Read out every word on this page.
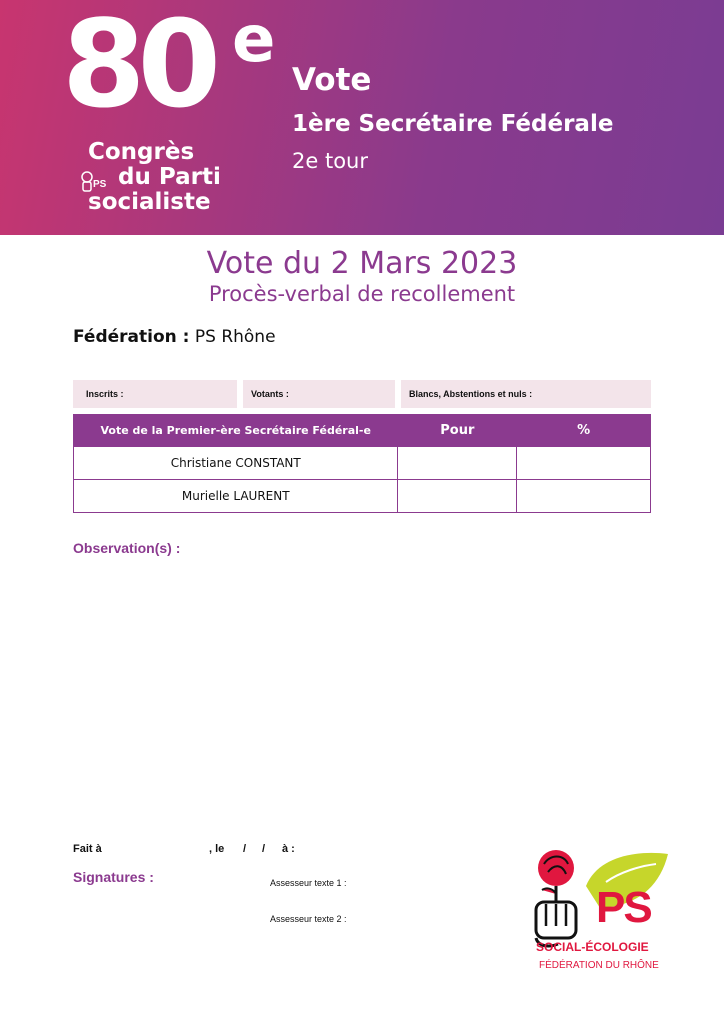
80 e
PS
Congrès
du Parti
socialiste
Vote
1ère Secrétaire Fédérale
2e tour
Vote du 2 Mars 2023
Procès-verbal de recollement
Fédération : PS Rhône
Inscrits :	Votants :	Blancs, Abstentions et nuls :
Vote de la Premier-ère Secrétaire Fédéral-e	Pour	%
Christiane CONSTANT		
Murielle LAURENT		
Observation(s) :
Fait à	, le / / à :
Signatures :	Assesseur texte 1 :
Assesseur texte 2 :	PS
SOCIAL-ÉCOLOGIE
FÉDÉRATION DU RHÔNE
